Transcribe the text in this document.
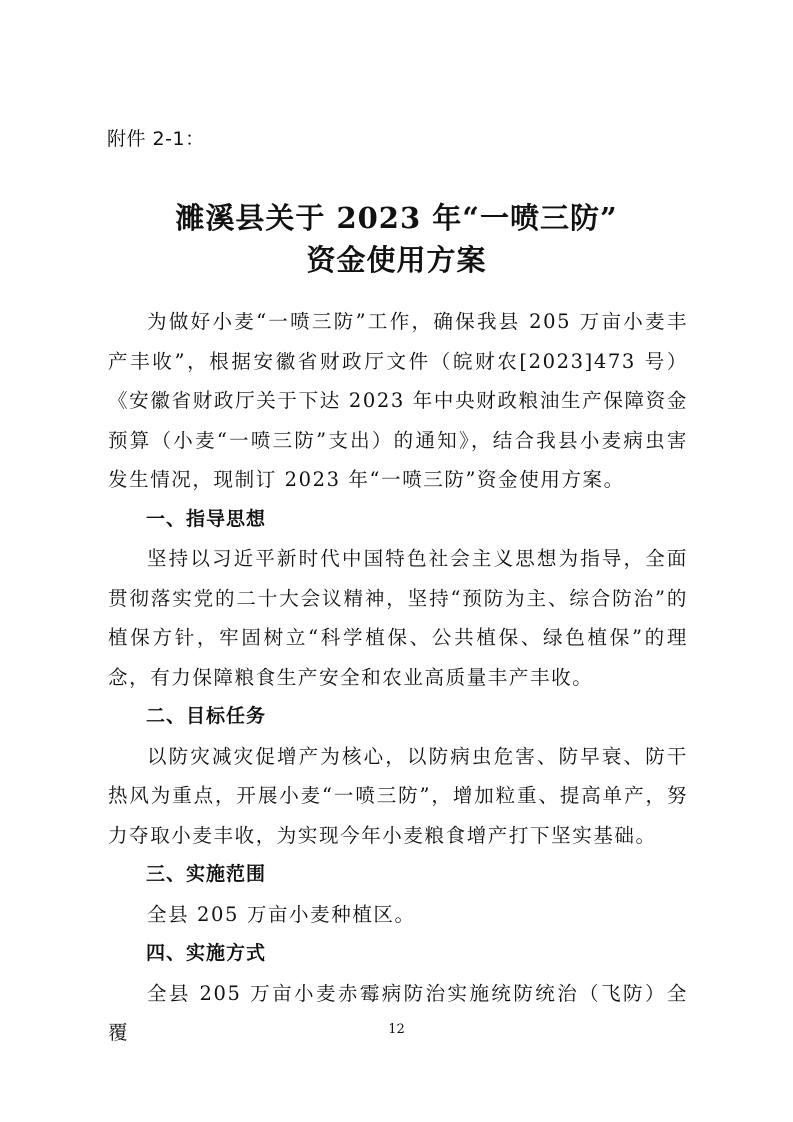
附件 2-1：
濉溪县关于 2023 年“一喷三防”
资金使用方案

为做好小麦“一喷三防”工作，确保我县 205 万亩小麦丰产丰收”，根据安徽省财政厅文件（皖财农[2023]473 号）《安徽省财政厅关于下达 2023 年中央财政粮油生产保障资金预算（小麦“一喷三防”支出）的通知》，结合我县小麦病虫害发生情况，现制订 2023 年“一喷三防”资金使用方案。

一、指导思想

坚持以习近平新时代中国特色社会主义思想为指导，全面贯彻落实党的二十大会议精神，坚持“预防为主、综合防治”的植保方针，牢固树立“科学植保、公共植保、绿色植保”的理念，有力保障粮食生产安全和农业高质量丰产丰收。

二、目标任务

以防灾减灾促增产为核心，以防病虫危害、防早衰、防干热风为重点，开展小麦“一喷三防”，增加粒重、提高单产，努力夺取小麦丰收，为实现今年小麦粮食增产打下坚实基础。

三、实施范围

全县 205 万亩小麦种植区。

四、实施方式

全县 205 万亩小麦赤霉病防治实施统防统治（飞防）全覆	12
